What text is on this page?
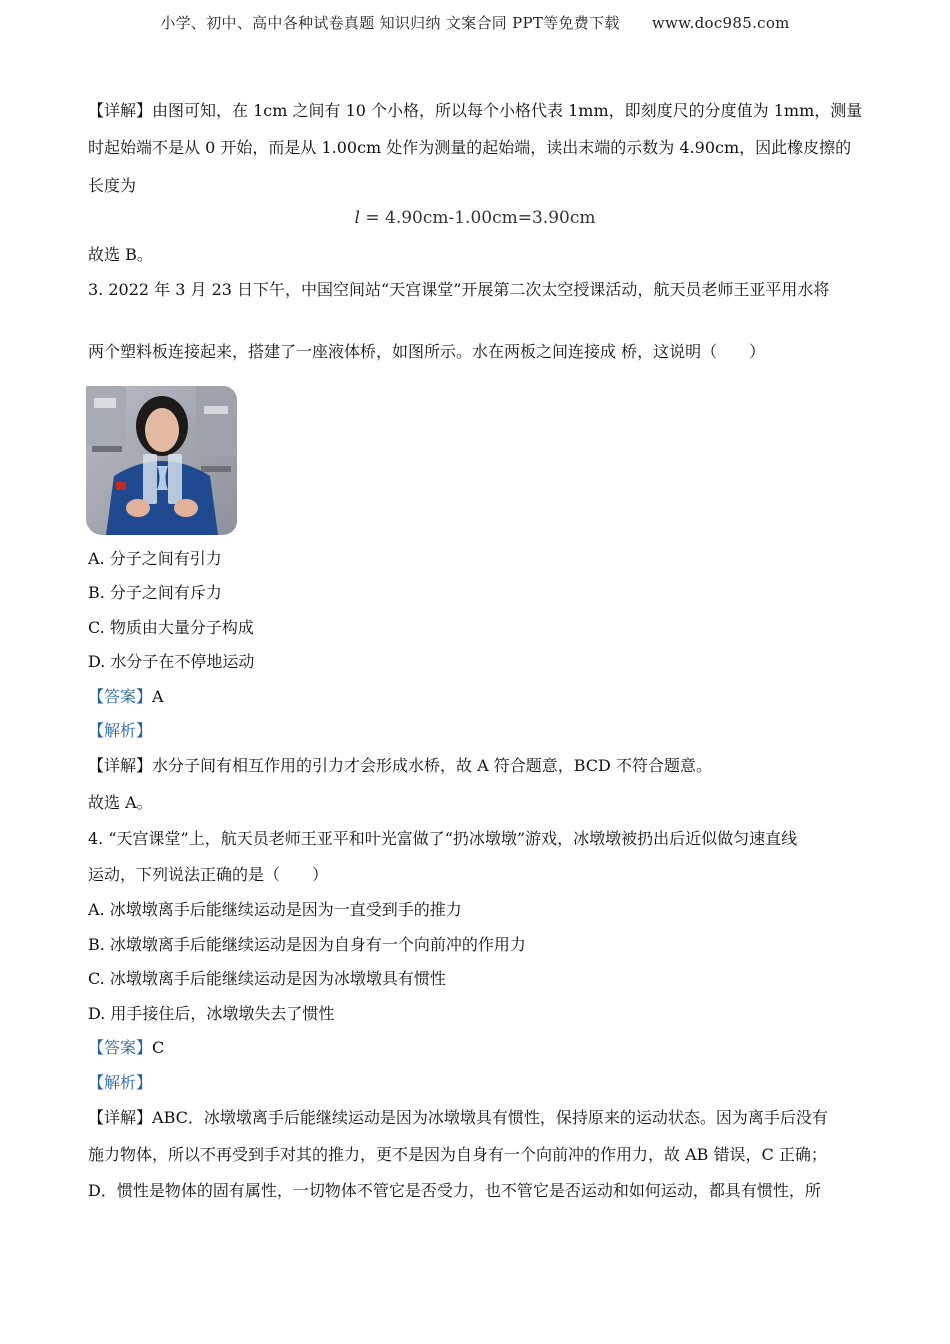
小学、初中、高中各种试卷真题 知识归纳 文案合同 PPT等免费下载 www.doc985.com
【详解】由图可知，在 1cm 之间有 10 个小格，所以每个小格代表 1mm，即刻度尺的分度值为 1mm，测量
时起始端不是从 0 开始，而是从 1.00cm 处作为测量的起始端，读出末端的示数为 4.90cm，因此橡皮擦的
长度为
l = 4.90cm-1.00cm=3.90cm
故选 B。
3. 2022 年 3 月 23 日下午，中国空间站“天宫课堂”开展第二次太空授课活动，航天员老师王亚平用水将
两个塑料板连接起来，搭建了一座液体桥，如图所示。水在两板之间连接成 桥，这说明（　　）
A. 分子之间有引力
B. 分子之间有斥力
C. 物质由大量分子构成
D. 水分子在不停地运动
【答案】A
【解析】
【详解】水分子间有相互作用的引力才会形成水桥，故 A 符合题意，BCD 不符合题意。
故选 A。
4. “天宫课堂”上，航天员老师王亚平和叶光富做了“扔冰墩墩”游戏，冰墩墩被扔出后近似做匀速直线
运动，下列说法正确的是（　　）
A. 冰墩墩离手后能继续运动是因为一直受到手的推力
B. 冰墩墩离手后能继续运动是因为自身有一个向前冲的作用力
C. 冰墩墩离手后能继续运动是因为冰墩墩具有惯性
D. 用手接住后，冰墩墩失去了惯性
【答案】C
【解析】
【详解】ABC．冰墩墩离手后能继续运动是因为冰墩墩具有惯性，保持原来的运动状态。因为离手后没有
施力物体，所以不再受到手对其的推力，更不是因为自身有一个向前冲的作用力，故 AB 错误，C 正确；
D．惯性是物体的固有属性，一切物体不管它是否受力，也不管它是否运动和如何运动，都具有惯性，所
